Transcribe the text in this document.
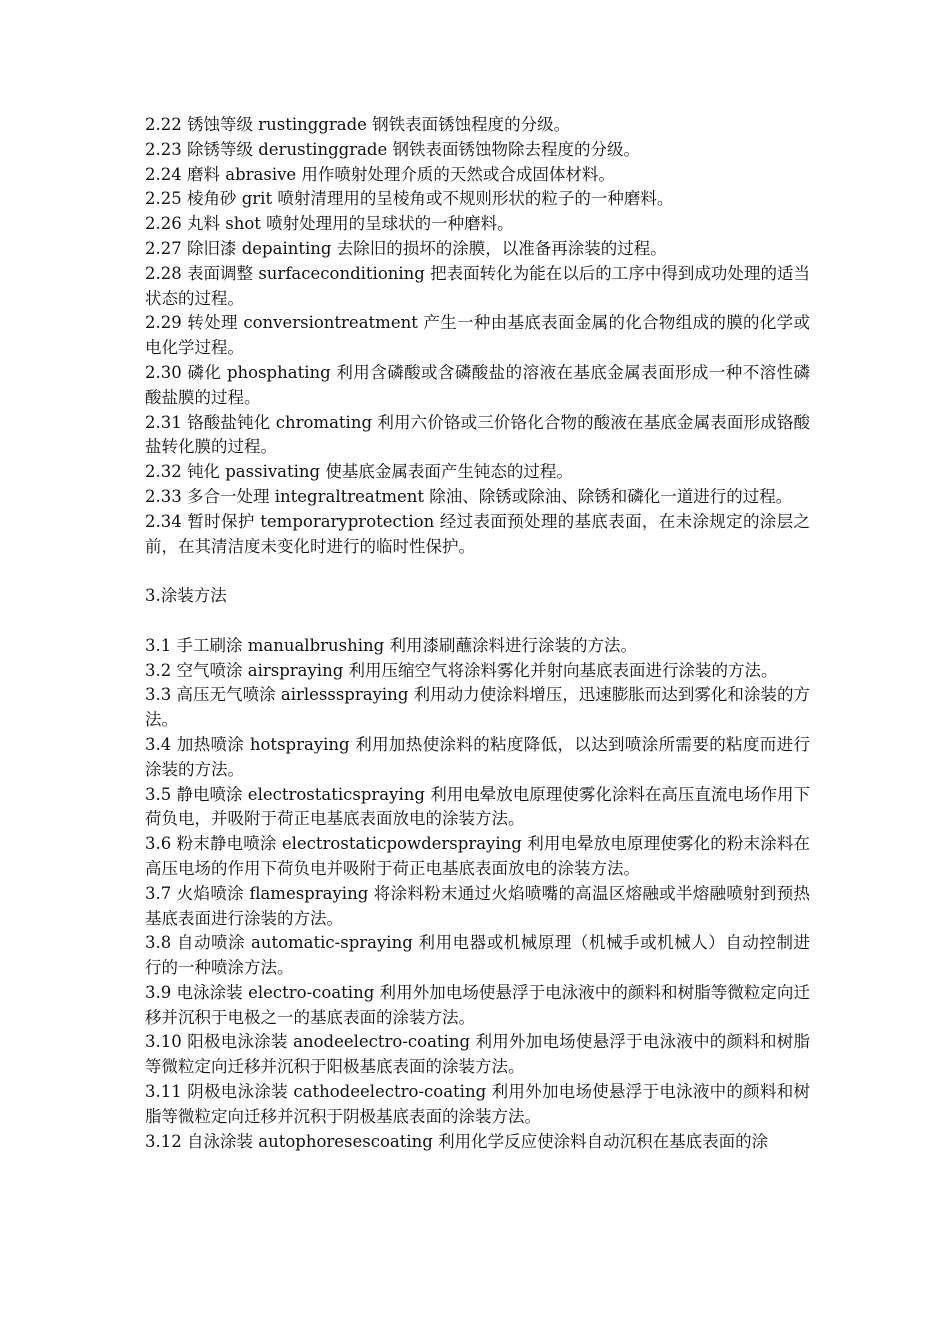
2.22 锈蚀等级 rustinggrade 钢铁表面锈蚀程度的分级。

2.23 除锈等级 derustinggrade 钢铁表面锈蚀物除去程度的分级。

2.24 磨料 abrasive 用作喷射处理介质的天然或合成固体材料。

2.25 棱角砂 grit 喷射清理用的呈棱角或不规则形状的粒子的一种磨料。

2.26 丸料 shot 喷射处理用的呈球状的一种磨料。

2.27 除旧漆 depainting 去除旧的损坏的涂膜，以准备再涂装的过程。

2.28 表面调整 surfaceconditioning 把表面转化为能在以后的工序中得到成功处理的适当状态的过程。

2.29 转处理 conversiontreatment 产生一种由基底表面金属的化合物组成的膜的化学或电化学过程。

2.30 磷化 phosphating 利用含磷酸或含磷酸盐的溶液在基底金属表面形成一种不溶性磷酸盐膜的过程。

2.31 铬酸盐钝化 chromating 利用六价铬或三价铬化合物的酸液在基底金属表面形成铬酸盐转化膜的过程。

2.32 钝化 passivating 使基底金属表面产生钝态的过程。

2.33 多合一处理 integraltreatment 除油、除锈或除油、除锈和磷化一道进行的过程。

2.34 暂时保护 temporaryprotection 经过表面预处理的基底表面，在未涂规定的涂层之前，在其清洁度未变化时进行的临时性保护。

3.涂装方法

3.1 手工刷涂 manualbrushing 利用漆刷蘸涂料进行涂装的方法。

3.2 空气喷涂 airspraying 利用压缩空气将涂料雾化并射向基底表面进行涂装的方法。

3.3 高压无气喷涂 airlessspraying 利用动力使涂料增压，迅速膨胀而达到雾化和涂装的方法。

3.4 加热喷涂 hotspraying 利用加热使涂料的粘度降低，以达到喷涂所需要的粘度而进行涂装的方法。

3.5 静电喷涂 electrostaticspraying 利用电晕放电原理使雾化涂料在高压直流电场作用下荷负电，并吸附于荷正电基底表面放电的涂装方法。

3.6 粉末静电喷涂 electrostaticpowderspraying 利用电晕放电原理使雾化的粉末涂料在高压电场的作用下荷负电并吸附于荷正电基底表面放电的涂装方法。

3.7 火焰喷涂 flamespraying 将涂料粉末通过火焰喷嘴的高温区熔融或半熔融喷射到预热基底表面进行涂装的方法。

3.8 自动喷涂 automatic-spraying 利用电器或机械原理（机械手或机械人）自动控制进行的一种喷涂方法。

3.9 电泳涂装 electro-coating 利用外加电场使悬浮于电泳液中的颜料和树脂等微粒定向迁移并沉积于电极之一的基底表面的涂装方法。

3.10 阳极电泳涂装 anodeelectro-coating 利用外加电场使悬浮于电泳液中的颜料和树脂等微粒定向迁移并沉积于阳极基底表面的涂装方法。

3.11 阴极电泳涂装 cathodeelectro-coating 利用外加电场使悬浮于电泳液中的颜料和树脂等微粒定向迁移并沉积于阴极基底表面的涂装方法。

3.12 自泳涂装 autophoresescoating 利用化学反应使涂料自动沉积在基底表面的涂
